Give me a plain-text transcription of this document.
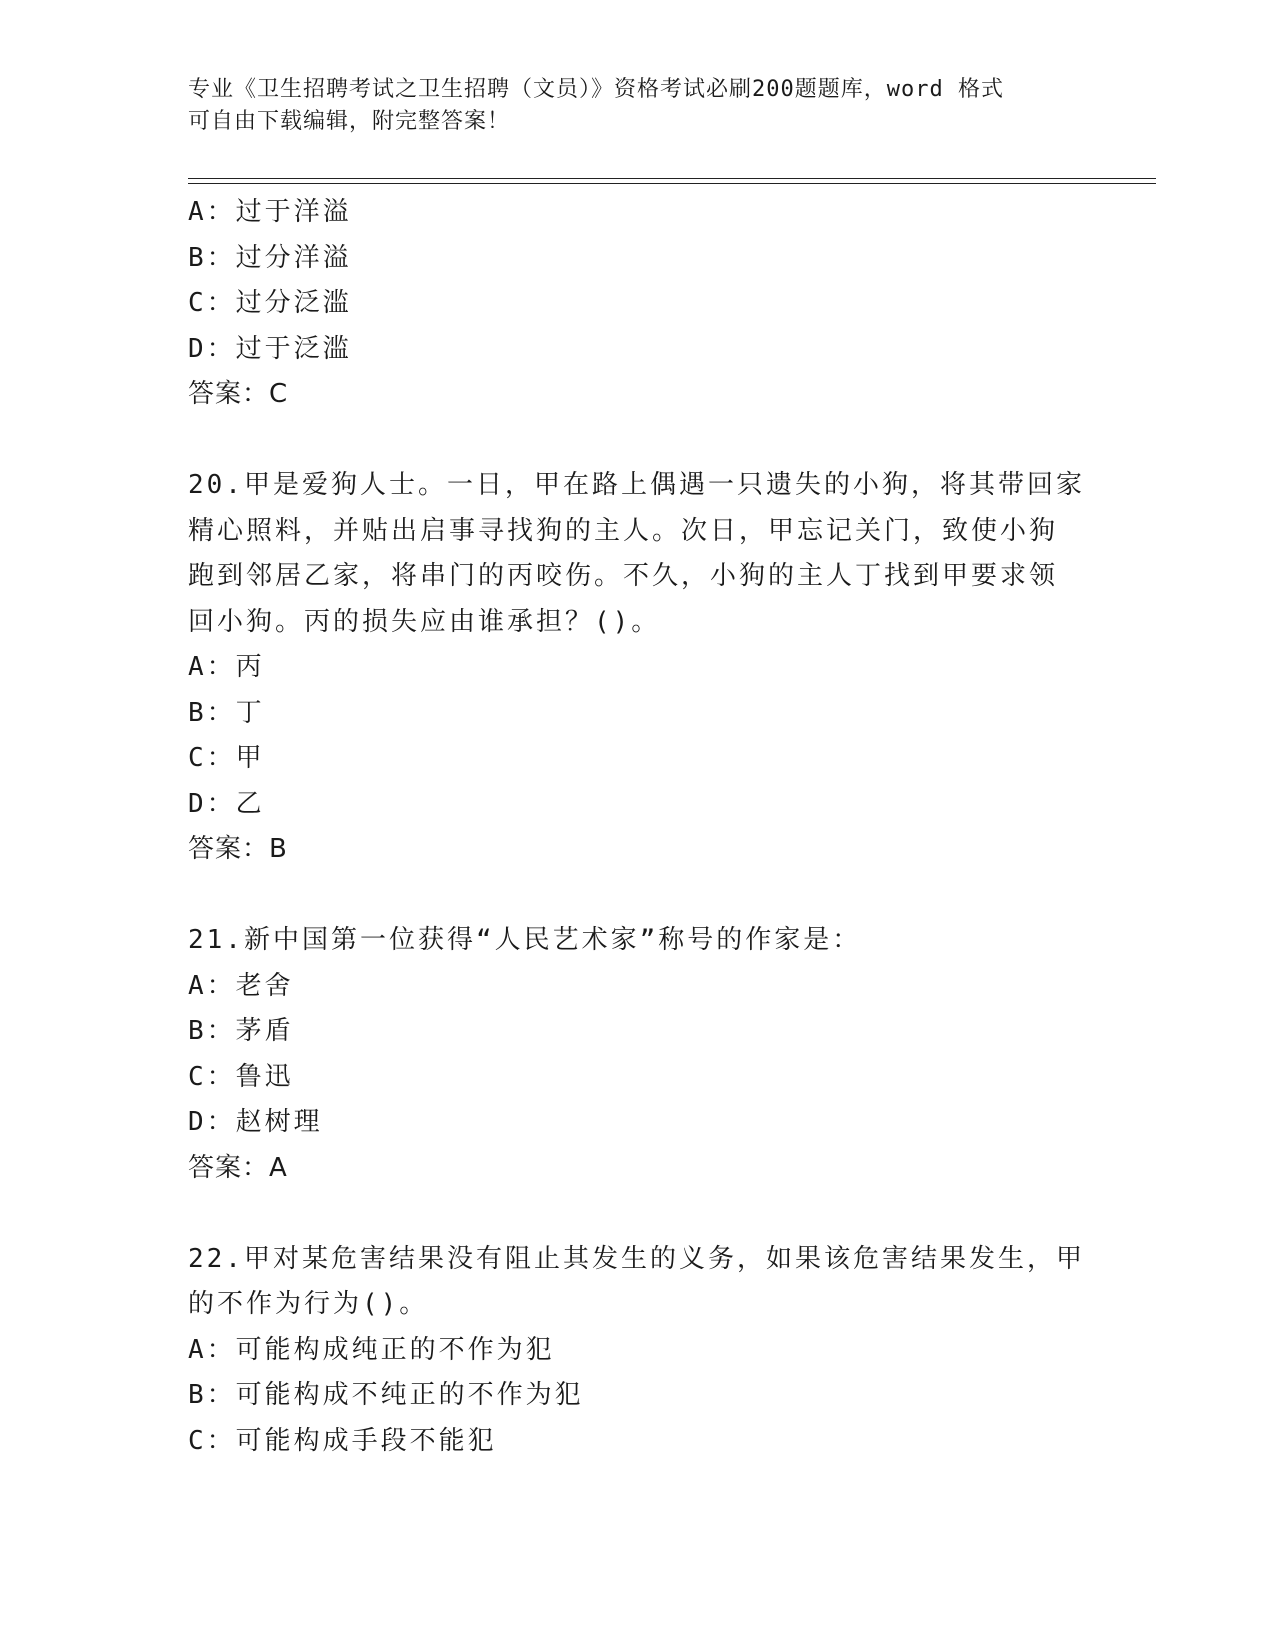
专业《卫生招聘考试之卫生招聘（文员）》资格考试必刷200题题库，word 格式
可自由下载编辑，附完整答案！
A：过于洋溢
B：过分洋溢
C：过分泛滥
D：过于泛滥
答案：C
20.甲是爱狗人士。一日，甲在路上偶遇一只遗失的小狗，将其带回家
精心照料，并贴出启事寻找狗的主人。次日，甲忘记关门，致使小狗
跑到邻居乙家，将串门的丙咬伤。不久，小狗的主人丁找到甲要求领
回小狗。丙的损失应由谁承担？()。
A：丙
B：丁
C：甲
D：乙
答案：B
21.新中国第一位获得“人民艺术家”称号的作家是：
A：老舍
B：茅盾
C：鲁迅
D：赵树理
答案：A
22.甲对某危害结果没有阻止其发生的义务，如果该危害结果发生，甲
的不作为行为()。
A：可能构成纯正的不作为犯
B：可能构成不纯正的不作为犯
C：可能构成手段不能犯
